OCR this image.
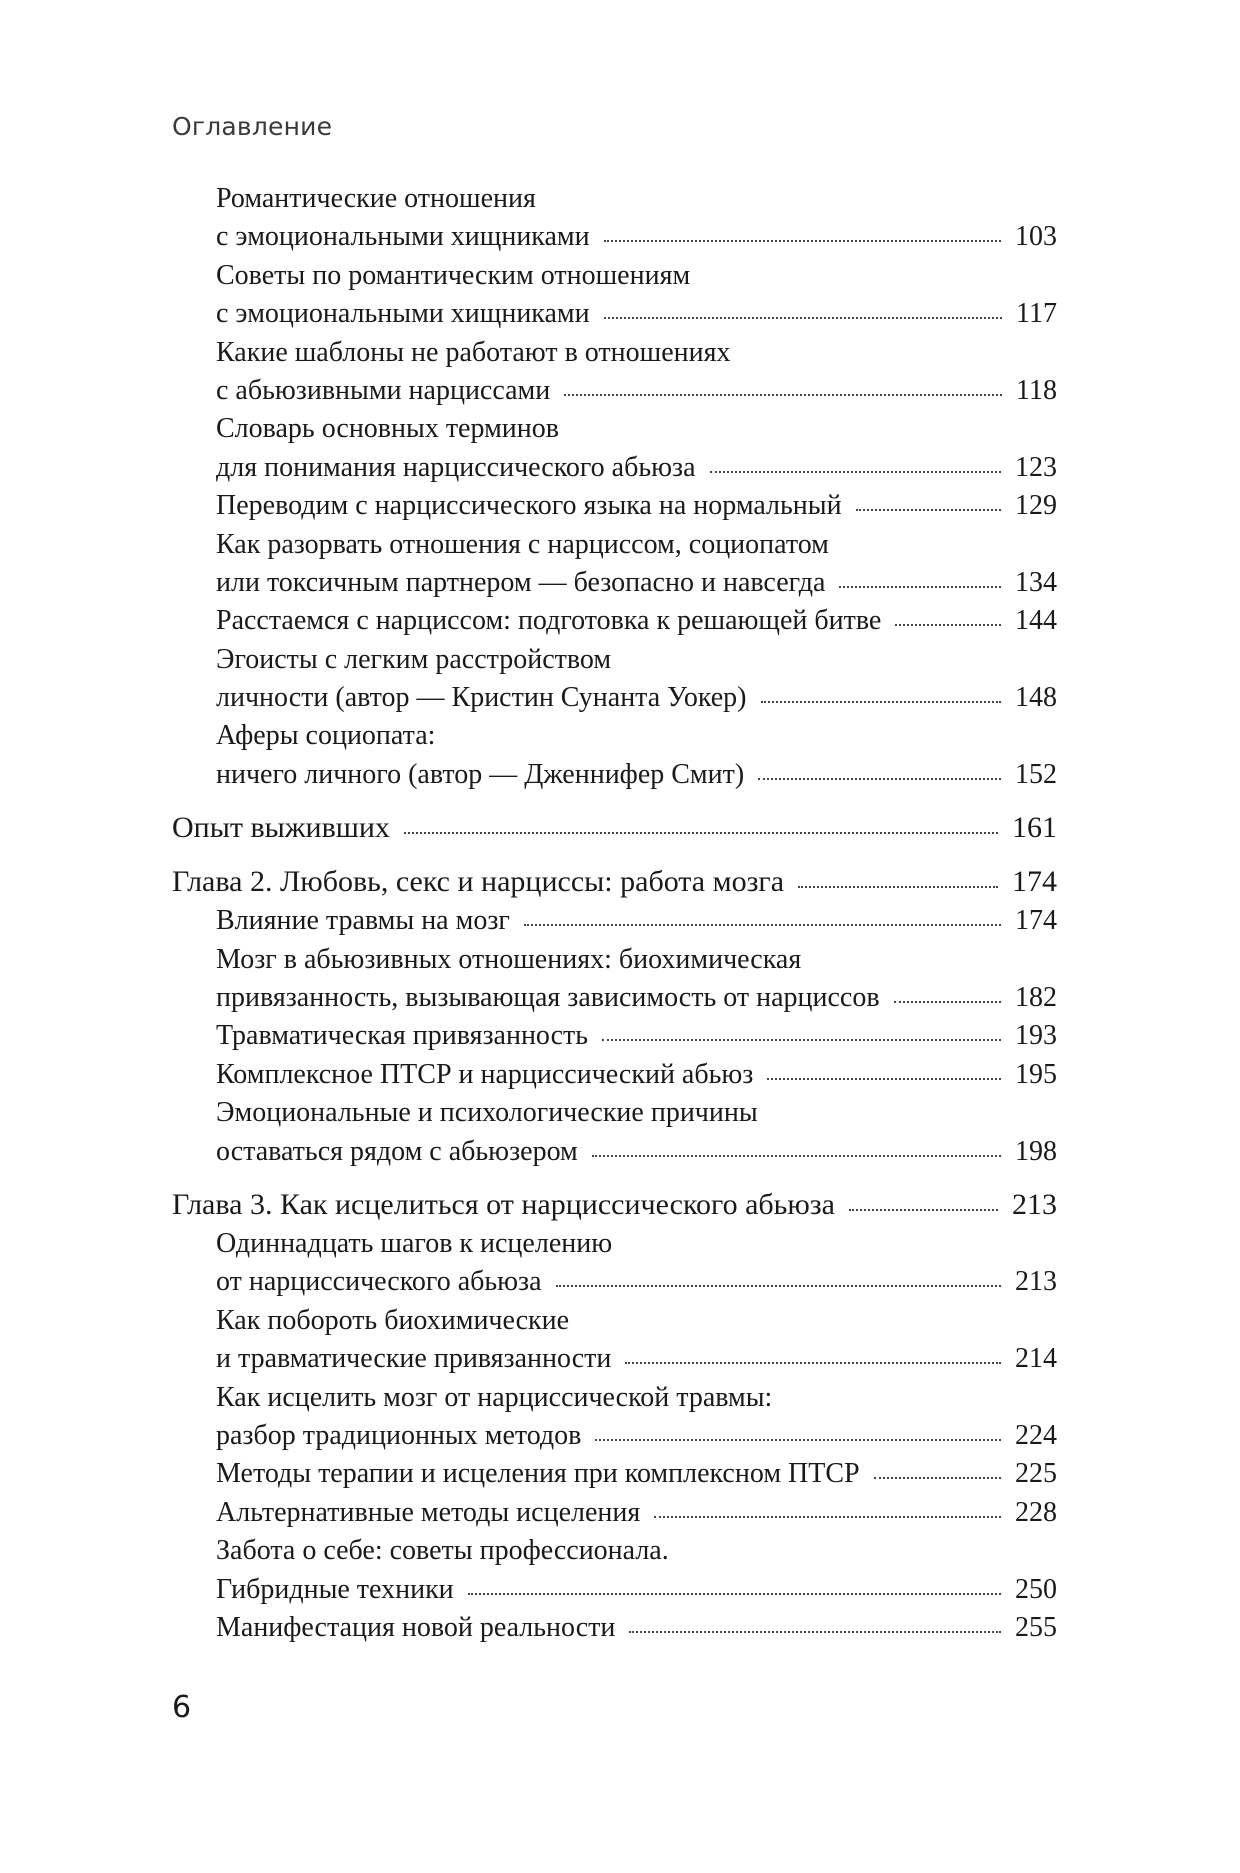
Оглавление
Романтические отношения
с эмоциональными хищниками	103
Советы по романтическим отношениям
с эмоциональными хищниками	117
Какие шаблоны не работают в отношениях
с абьюзивными нарциссами	118
Словарь основных терминов
для понимания нарциссического абьюза	123
Переводим с нарциссического языка на нормальный	129
Как разорвать отношения с нарциссом, социопатом
или токсичным партнером — безопасно и навсегда	134
Расстаемся с нарциссом: подготовка к решающей битве	144
Эгоисты с легким расстройством
личности (автор — Кристин Сунанта Уокер)	148
Аферы социопата:
ничего личного (автор — Дженнифер Смит)	152
Опыт выживших	161
Глава 2. Любовь, секс и нарциссы: работа мозга	174
Влияние травмы на мозг	174
Мозг в абьюзивных отношениях: биохимическая
привязанность, вызывающая зависимость от нарциссов	182
Травматическая привязанность	193
Комплексное ПТСР и нарциссический абьюз	195
Эмоциональные и психологические причины
оставаться рядом с абьюзером	198
Глава 3. Как исцелиться от нарциссического абьюза	213
Одиннадцать шагов к исцелению
от нарциссического абьюза	213
Как побороть биохимические
и травматические привязанности	214
Как исцелить мозг от нарциссической травмы:
разбор традиционных методов	224
Методы терапии и исцеления при комплексном ПТСР	225
Альтернативные методы исцеления	228
Забота о себе: советы профессионала.
Гибридные техники	250
Манифестация новой реальности	255
6
